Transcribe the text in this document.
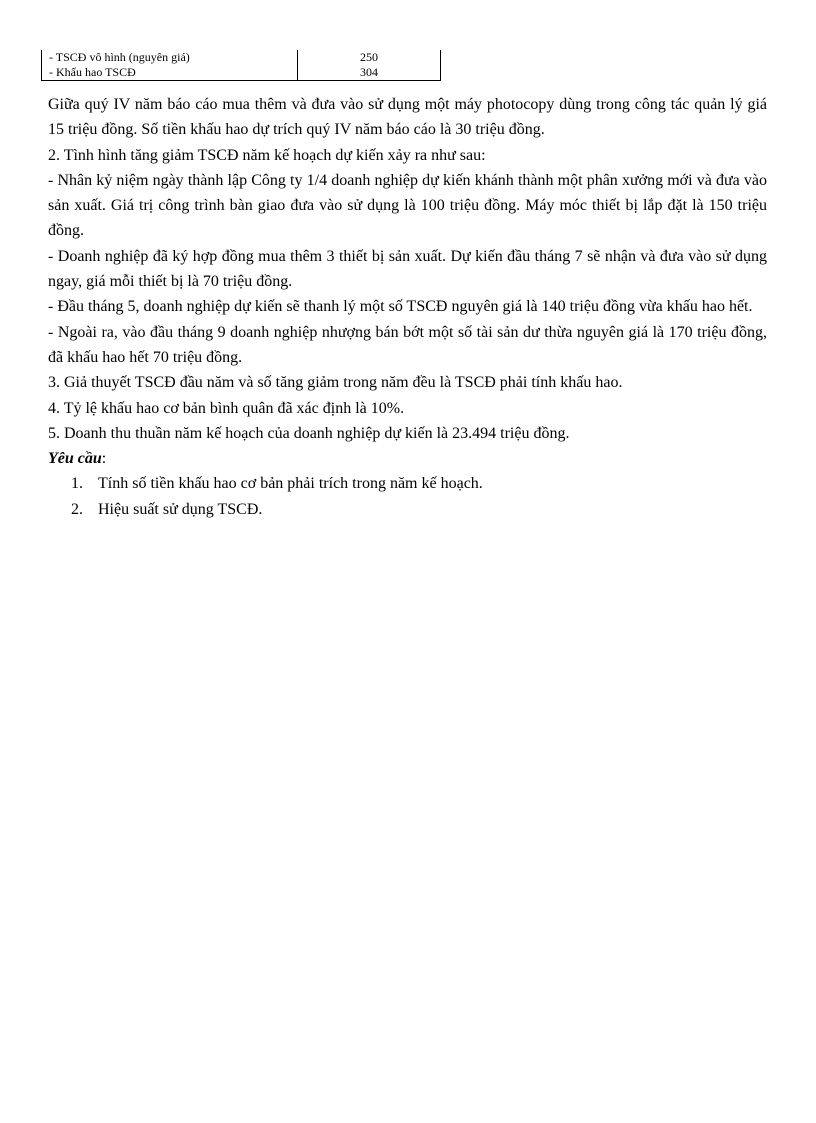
- TSCĐ vô hình (nguyên giá)	250
- Khấu hao TSCĐ	304

Giữa quý IV năm báo cáo mua thêm và đưa vào sử dụng một máy photocopy dùng trong công tác quản lý giá 15 triệu đồng. Số tiền khấu hao dự trích quý IV năm báo cáo là 30 triệu đồng.

2. Tình hình tăng giảm TSCĐ năm kế hoạch dự kiến xảy ra như sau:

- Nhân kỷ niệm ngày thành lập Công ty 1/4 doanh nghiệp dự kiến khánh thành một phân xưởng mới và đưa vào sản xuất. Giá trị công trình bàn giao đưa vào sử dụng là 100 triệu đồng. Máy móc thiết bị lắp đặt là 150 triệu đồng.

- Doanh nghiệp đã ký hợp đồng mua thêm 3 thiết bị sản xuất. Dự kiến đầu tháng 7 sẽ nhận và đưa vào sử dụng ngay, giá mỗi thiết bị là 70 triệu đồng.

- Đầu tháng 5, doanh nghiệp dự kiến sẽ thanh lý một số TSCĐ nguyên giá là 140 triệu đồng vừa khấu hao hết.

- Ngoài ra, vào đầu tháng 9 doanh nghiệp nhượng bán bớt một số tài sản dư thừa nguyên giá là 170 triệu đồng, đã khấu hao hết 70 triệu đồng.

3. Giả thuyết TSCĐ đầu năm và số tăng giảm trong năm đều là TSCĐ phải tính khấu hao.

4. Tỷ lệ khấu hao cơ bản bình quân đã xác định là 10%.

5. Doanh thu thuần năm kế hoạch của doanh nghiệp dự kiến là 23.494 triệu đồng.

Yêu cầu:

1. Tính số tiền khấu hao cơ bản phải trích trong năm kế hoạch.
2. Hiệu suất sử dụng TSCĐ.
